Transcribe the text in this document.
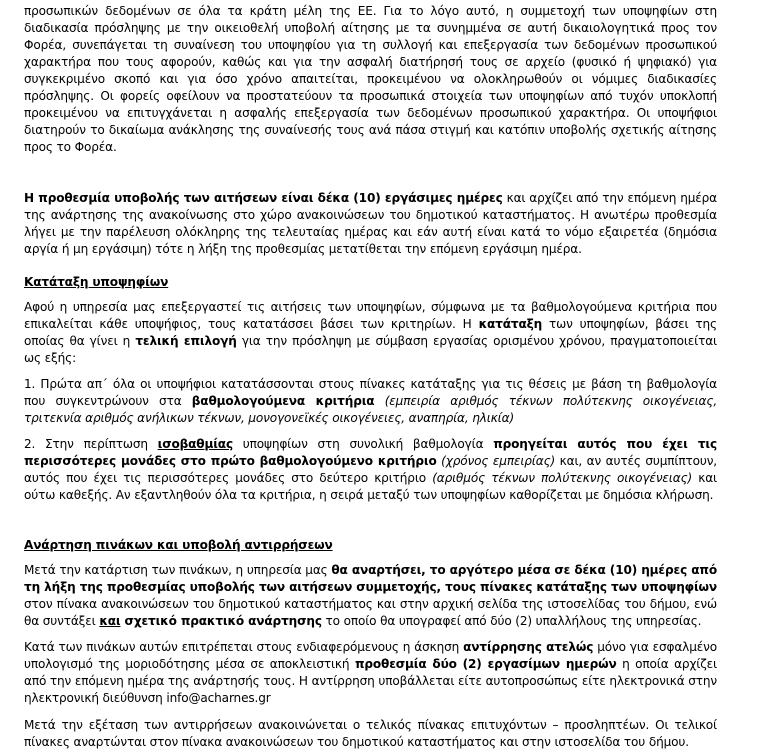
προσωπικών δεδομένων σε όλα τα κράτη μέλη της ΕΕ. Για το λόγο αυτό, η συμμετοχή των υποψηφίων στη διαδικασία πρόσληψης με την οικειοθελή υποβολή αίτησης με τα συνημμένα σε αυτή δικαιολογητικά προς τον Φορέα, συνεπάγεται τη συναίνεση του υποψηφίου για τη συλλογή και επεξεργασία των δεδομένων προσωπικού χαρακτήρα που τους αφορούν, καθώς και για την ασφαλή διατήρησή τους σε αρχείο (φυσικό ή ψηφιακό) για συγκεκριμένο σκοπό και για όσο χρόνο απαιτείται, προκειμένου να ολοκληρωθούν οι νόμιμες διαδικασίες πρόσληψης. Οι φορείς οφείλουν να προστατεύουν τα προσωπικά στοιχεία των υποψηφίων από τυχόν υποκλοπή προκειμένου να επιτυγχάνεται η ασφαλής επεξεργασία των δεδομένων προσωπικού χαρακτήρα. Οι υποψήφιοι διατηρούν το δικαίωμα ανάκλησης της συναίνεσής τους ανά πάσα στιγμή και κατόπιν υποβολής σχετικής αίτησης προς το Φορέα.

Η προθεσμία υποβολής των αιτήσεων είναι δέκα (10) εργάσιμες ημέρες και αρχίζει από την επόμενη ημέρα της ανάρτησης της ανακοίνωσης στο χώρο ανακοινώσεων του δημοτικού καταστήματος. Η ανωτέρω προθεσμία λήγει με την παρέλευση ολόκληρης της τελευταίας ημέρας και εάν αυτή είναι κατά το νόμο εξαιρετέα (δημόσια αργία ή μη εργάσιμη) τότε η λήξη της προθεσμίας μετατίθεται την επόμενη εργάσιμη ημέρα.

Κατάταξη υποψηφίων

Αφού η υπηρεσία μας επεξεργαστεί τις αιτήσεις των υποψηφίων, σύμφωνα με τα βαθμολογούμενα κριτήρια που επικαλείται κάθε υποψήφιος, τους κατατάσσει βάσει των κριτηρίων. Η κατάταξη των υποψηφίων, βάσει της οποίας θα γίνει η τελική επιλογή για την πρόσληψη με σύμβαση εργασίας ορισμένου χρόνου, πραγματοποιείται ως εξής:

1. Πρώτα απ΄ όλα οι υποψήφιοι κατατάσσονται στους πίνακες κατάταξης για τις θέσεις με βάση τη βαθμολογία που συγκεντρώνουν στα βαθμολογούμενα κριτήρια (εμπειρία αριθμός τέκνων πολύτεκνης οικογένειας, τριτεκνία αριθμός ανήλικων τέκνων, μονογονεϊκές οικογένειες, αναπηρία, ηλικία)

2. Στην περίπτωση ισοβαθμίας υποψηφίων στη συνολική βαθμολογία προηγείται αυτός που έχει τις περισσότερες μονάδες στο πρώτο βαθμολογούμενο κριτήριο (χρόνος εμπειρίας) και, αν αυτές συμπίπτουν, αυτός που έχει τις περισσότερες μονάδες στο δεύτερο κριτήριο (αριθμός τέκνων πολύτεκνης οικογένειας) και ούτω καθεξής. Αν εξαντληθούν όλα τα κριτήρια, η σειρά μεταξύ των υποψηφίων καθορίζεται με δημόσια κλήρωση.

Ανάρτηση πινάκων και υποβολή αντιρρήσεων

Μετά την κατάρτιση των πινάκων, η υπηρεσία μας θα αναρτήσει, το αργότερο μέσα σε δέκα (10) ημέρες από τη λήξη της προθεσμίας υποβολής των αιτήσεων συμμετοχής, τους πίνακες κατάταξης των υποψηφίων στον πίνακα ανακοινώσεων του δημοτικού καταστήματος και στην αρχική σελίδα της ιστοσελίδας του δήμου, ενώ θα συντάξει και σχετικό πρακτικό ανάρτησης το οποίο θα υπογραφεί από δύο (2) υπαλλήλους της υπηρεσίας.

Κατά των πινάκων αυτών επιτρέπεται στους ενδιαφερόμενους η άσκηση αντίρρησης ατελώς μόνο για εσφαλμένο υπολογισμό της μοριοδότησης μέσα σε αποκλειστική προθεσμία δύο (2) εργασίμων ημερών η οποία αρχίζει από την επόμενη ημέρα της ανάρτησής τους. Η αντίρρηση υποβάλλεται είτε αυτοπροσώπως είτε ηλεκτρονικά στην ηλεκτρονική διεύθυνση info@acharnes.gr

Μετά την εξέταση των αντιρρήσεων ανακοινώνεται ο τελικός πίνακας επιτυχόντων – προσληπτέων. Οι τελικοί πίνακες αναρτώνται στον πίνακα ανακοινώσεων του δημοτικού καταστήματος και στην ιστοσελίδα του δήμου.
